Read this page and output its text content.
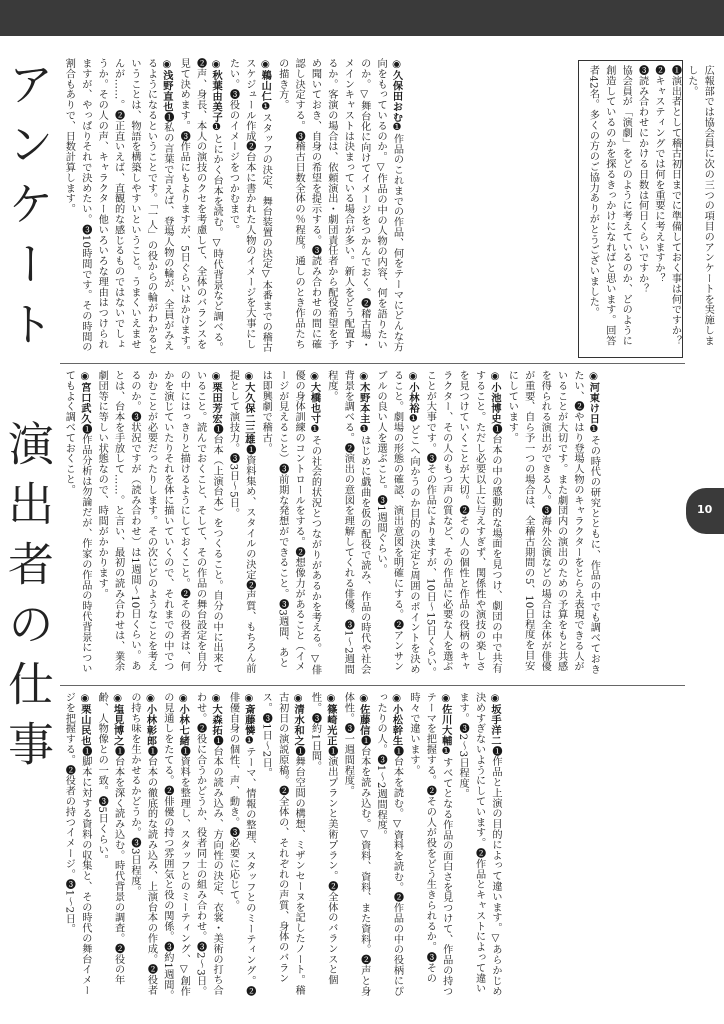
アンケート　演出者の仕事	10
広報部では協会員に次の三つの項目のアンケートを実施しました。
❶演出者として稽古初日までに準備しておく事は何ですか？
❷キャスティングでは何を重要に考えますか？
❸読み合わせにかける日数は何日くらいですか？
協会員が「演劇」をどのように考えているのか、どのように創造しているのかを探るきっかけになればと思います。回答者42名。多くの方のご協力ありがとうございました。
◉久保田おむ❶作品のこれまでの作品、何をテーマにどんな方向をもっているのか。▽作品の中の人物の内容、何を語りたいのか。▽舞台化に向けてイメージをつかんでおく。❷稽古場・メインキャストは決まっている場合が多い。新人をどう配置するか。客演の場合は、依頼演出・劇団責任者から配役希望を予め聞いておき、自身の希望を提示する。❸読み合わせの間に確認し決定する。❸稽古日数全体の％程度。通しのとき作品たちの描き方。
◉鵜山仁❶スタッフの決定、舞台装置の決定▽本番までの稽古スケジュール作成❷台本に書かれた人物のイメージを大事にしたい。❸役のイメージをつかむまで。
◉秋葉由美子❶とにかく台本を読む。▽時代背景など調べる。❷声、身長、本人の演技のクセを考慮して、全体のバランスを見て決めます。❸作品にもよりますが、5日ぐらいはかけます。
◉浅野直也❶私の言葉で言えば、登場人物の輪が、全員がみえるようになるということです。「一人」の役からの輪がわかるということは、物語を構築しやすいということ。うまくいえませんが……。❷正直いえば、直観的な感じるものではないでしょうか。その人の声、キャラクター他いろいろな理由はつけられますが、やっぱりそれで決めたい。❸10時間です。その時間の割合もありで、日数計算します。
◉河東け日❶その時代の研究とともに、作品の中でも調べておきたい、❷やはり登場人物のキャラクターをとらえ表現できる人がいることが大切です。また劇団内の演出のための予算をもと共感を得られる演出ができる人。❸海外公演などの場合は全体が俳優が重要、自ら予一つの場合は、全稽古期間の5、10日程度を目安にしています。
◉小池博史❶台本の中の感動的な場面を見つけ、劇団の中で共有すること。ただし必要以上に与えすぎず、関係性や演技の楽しさを見つけていくことが大切。❷その人の個性と作品の役柄のキャラクター、その人のもつ声の質など、その作品に必要な人を選ぶことが大事です。❸その作品によりますが、10日〜15日くらい。
◉小林裕❶どこへ向かうのか目的の決定と周囲のポイントを決めること。劇場の形態の確認、演出意図を明確にする。❷アンサンブルの良い人を選ぶこと。❸1週間ぐらい。
◉木野本主❶はじめに戯曲を仮の配役で読み、作品の時代や社会背景を調べる。❷演出の意図を理解してくれる俳優。❸1〜2週間程度。
◉大橋也寸❶その社会的状況とつながりがあるかを考える。▽俳優の身体訓練のコントロールをする。❷想像力があること（イメージが見えること）❸前期な発想ができること。❸3週間、あとは即興劇で稽古。
◉大久保二三雄❶資料集め、スタイルの決定❷声質、もちろん前提として演技力。❸3日〜5日。
◉栗田芳宏❶台本（上演台本）をつくること。自分の中に出来ていること。読んでおくこと、そして、その作品の舞台設定を自分の中にはっきりと描けるようにしておくこと。❷その役者は、何かを演じていたりそれを体に描いていくので、それまでの中でつかむことが必要だったりします。その次にどのようなことを考えるのか。❸状況ですが（読み合わせ）は1週間〜10日くらい。あとは、台本を手放して……。と言い、最初の読み合わせは、業余劇団等に等しい状態なので、時間がかかります。
◉宮口武久❶作品分析は勿論だが、作家の作品の時代背景についてもよく調べておくこと。
◉坂手洋二❶作品と上演の目的によって違います。▽あらかじめ決めすぎないようにしています。❷作品とキャストによって違います。❸2〜3日程度。
◉佐川大輔❶すべてとなる作品の面白さを見つけて、作品の持つテーマを把握する。❷その人が役をどう生きられるか。❸その時々で違います。
◉小松幹生❶台本を読む。▽資料を読む。❷作品の中の役柄にぴったりの人。❸1〜2週間程度。
◉佐藤信❶台本を読み込む。▽資料、資料、また資料。❷声と身体性。❸一週間程度。
◉篠崎光正❶演出プランと美術プラン。❷全体のバランスと個性。❸約1日間。
◉清水和之❶舞台空間の構想、ミザンセーヌを記したノート。稽古初日の演説原稿。❷全体の、それぞれの声質、身体のバランス。❸1日〜2日。
◉斎藤憐❶テーマ、情報の整理、スタッフとのミーティング。❷俳優自身の個性、声、動き。❸必要に応じて。
◉大森拓❶台本の読み込み、方向性の決定、衣裳・美術の打ち合わせ。❷役に合うかどうか、役者同士の組み合わせ。❸2〜3日。
◉小林七緒❶資料を整理し、スタッフとのミーティング、▽創作の見通しをたてる。❷俳優の持つ雰囲気と役の関係。❸約1週間。
◉小林彰郎❶台本の徹底的な読み込み、上演台本の作成。❷役者の持ち味を生かせるかどうか。❸3日程度。
◉塩見博之❶台本を深く読み込む。時代背景の調査。❷役の年齢、人物像との一致。❸5日くらい。
◉栗山民也❶脚本に対する資料の収集と、その時代の舞台イメージを把握する。❷役者の持つイメージ。❸1〜2日。
